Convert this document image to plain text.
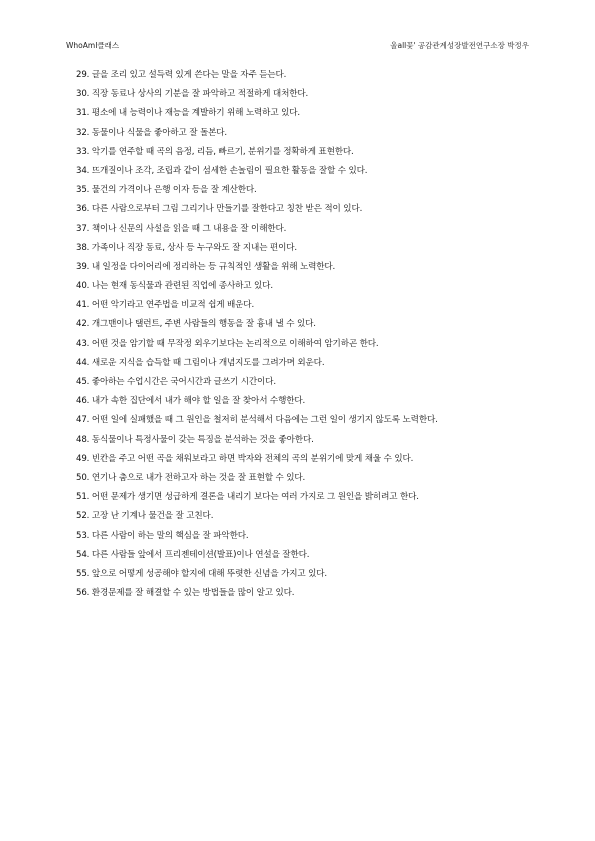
WhoAmI클래스	울all꽃' 공감관계성장발전연구소장 박정우
29. 글을 조리 있고 설득력 있게 쓴다는 말을 자주 듣는다.
30. 직장 동료나 상사의 기분을 잘 파악하고 적절하게 대처한다.
31. 평소에 내 능력이나 재능을 계발하기 위해 노력하고 있다.
32. 동물이나 식물을 좋아하고 잘 돌본다.
33. 악기를 연주할 때 곡의 음정, 리듬, 빠르기, 분위기를 정확하게 표현한다.
34. 뜨개질이나 조각, 조립과 같이 섬세한 손놀림이 필요한 활동을 잘할 수 있다.
35. 물건의 가격이나 은행 이자 등을 잘 계산한다.
36. 다른 사람으로부터 그림 그리기나 만들기를 잘한다고 칭찬 받은 적이 있다.
37. 책이나 신문의 사설을 읽을 때 그 내용을 잘 이해한다.
38. 가족이나 직장 동료, 상사 등 누구와도 잘 지내는 편이다.
39. 내 일정을 다이어리에 정리하는 등 규칙적인 생활을 위해 노력한다.
40. 나는 현재 동식물과 관련된 직업에 종사하고 있다.
41. 어떤 악기라고 연주법을 비교적 쉽게 배운다.
42. 개그맨이나 탤런트, 주변 사람들의 행동을 잘 흉내 낼 수 있다.
43. 어떤 것을 암기할 때 무작정 외우기보다는 논리적으로 이해하여 암기하곤 한다.
44. 새로운 지식을 습득할 때 그림이나 개념지도를 그려가며 외운다.
45. 좋아하는 수업시간은 국어시간과 글쓰기 시간이다.
46. 내가 속한 집단에서 내가 해야 할 일을 잘 찾아서 수행한다.
47. 어떤 일에 실패했을 때 그 원인을 철저히 분석해서 다음에는 그런 일이 생기지 않도록 노력한다.
48. 동식물이나 특정사물이 갖는 특징을 분석하는 것을 좋아한다.
49. 빈칸을 주고 어떤 곡을 채워보라고 하면 박자와 전체의 곡의 분위기에 맞게 채울 수 있다.
50. 연기나 춤으로 내가 전하고자 하는 것을 잘 표현할 수 있다.
51. 어떤 문제가 생기면 성급하게 결론을 내리기 보다는 여러 가지로 그 원인을 밝히려고 한다.
52. 고장 난 기계나 물건을 잘 고친다.
53. 다른 사람이 하는 말의 핵심을 잘 파악한다.
54. 다른 사람들 앞에서 프리젠테이션(발표)이나 연설을 잘한다.
55. 앞으로 어떻게 성공해야 할지에 대해 뚜렷한 신념을 가지고 있다.
56. 환경문제를 잘 해결할 수 있는 방법들을 많이 알고 있다.
